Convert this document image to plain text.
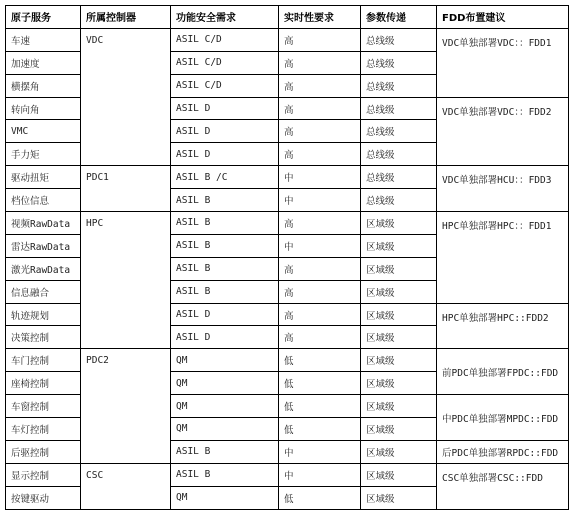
原子服务	所属控制器	功能安全需求	实时性要求	参数传递	FDD布置建议
车速	VDC	ASIL C/D	高	总线级	VDC单独部署VDC：：FDD1
加速度		ASIL C/D	高	总线级	
横摆角		ASIL C/D	高	总线级	
转向角		ASIL D	高	总线级	VDC单独部署VDC：：FDD2
VMC		ASIL D	高	总线级	
手力矩		ASIL D	高	总线级	
驱动扭矩	PDC1	ASIL B /C	中	总线级	VDC单独部署HCU：：FDD3
档位信息		ASIL B	中	总线级	
视频RawData	HPC	ASIL B	高	区域级	HPC单独部署HPC：：FDD1
雷达RawData		ASIL B	中	区域级	
激光RawData		ASIL B	高	区域级	
信息融合		ASIL B	高	区域级	
轨迹规划		ASIL D	高	区域级	HPC单独部署HPC::FDD2
决策控制		ASIL D	高	区域级	
车门控制	PDC2	QM	低	区域级	前PDC单独部署FPDC::FDD
座椅控制		QM	低	区域级	
车窗控制		QM	低	区域级	中PDC单独部署MPDC::FDD
车灯控制		QM	低	区域级	
后驱控制		ASIL B	中	区域级	后PDC单独部署RPDC::FDD
显示控制	CSC	ASIL B	中	区域级	CSC单独部署CSC::FDD
按键驱动		QM	低	区域级	
